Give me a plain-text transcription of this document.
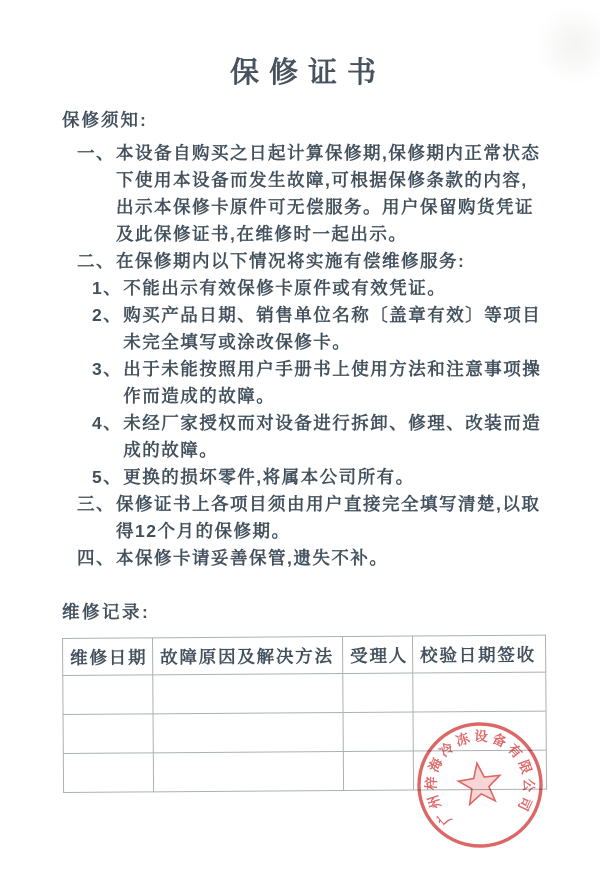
保修证书
保修须知:
一、 本设备自购买之日起计算保修期,保修期内正常状态下使用本设备而发生故障,可根据保修条款的内容,出示本保修卡原件可无偿服务。用户保留购货凭证及此保修证书,在维修时一起出示。
二、 在保修期内以下情况将实施有偿维修服务:
1、 不能出示有效保修卡原件或有效凭证。
2、 购买产品日期、销售单位名称〔盖章有效〕等项目未完全填写或涂改保修卡。
3、 出于未能按照用户手册书上使用方法和注意事项操作而造成的故障。
4、 未经厂家授权而对设备进行拆卸、修理、改装而造成的故障。
5、 更换的损坏零件,将属本公司所有。
三、 保修证书上各项目须由用户直接完全填写清楚,以取得12个月的保修期。
四、 本保修卡请妥善保管,遗失不补。
维修记录:
维修日期	故障原因及解决方法	受理人	校验日期签收

广州梓海冷冻设备有限公司
